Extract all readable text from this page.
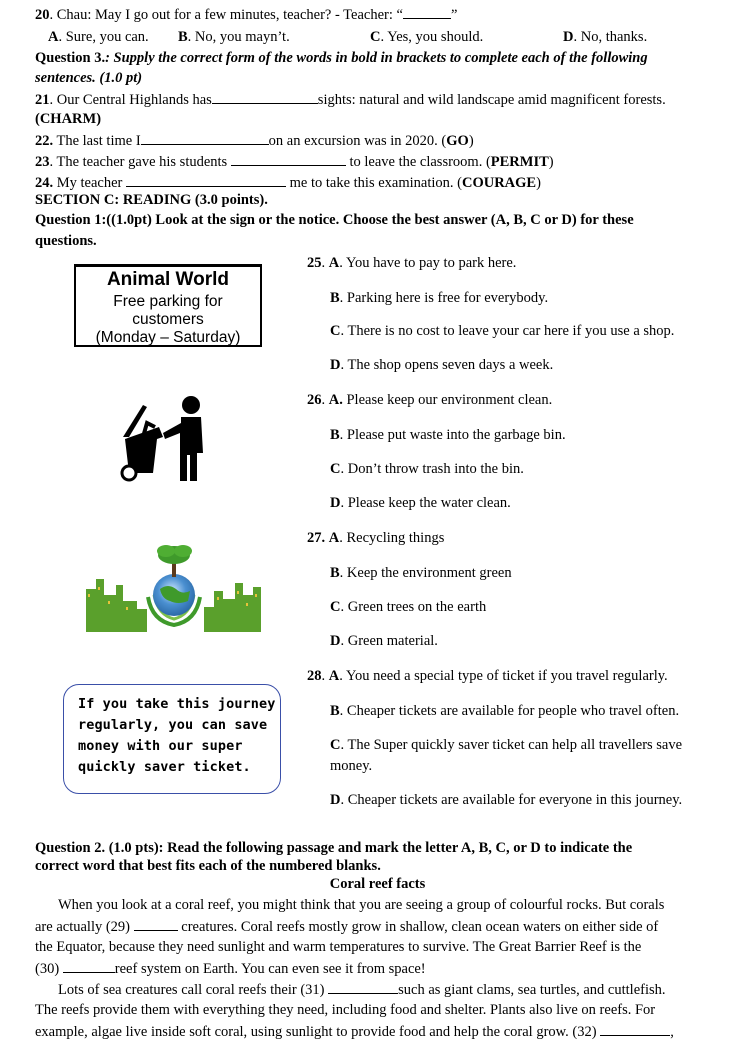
20. Chau: May I go out for a few minutes, teacher? - Teacher: “	”
A. Sure, you can. B. No, you mayn’t.	C. Yes, you should.	D. No, thanks.
Question 3.: Supply the correct form of the words in bold in brackets to complete each of the following
sentences. (1.0 pt)
21. Our Central Highlands has	sights: natural and wild landscape amid magnificent forests.
(CHARM)
22. The last time I	on an excursion was in 2020. (GO)
23. The teacher gave his students	to leave the classroom. (PERMIT)
24. My teacher	me to take this examination. (COURAGE)
SECTION C: READING (3.0 points).
Question 1:((1.0pt) Look at the sign or the notice. Choose the best answer (A, B, C or D) for these
questions.
Animal World
Free parking for customers
(Monday – Saturday)
25. A. You have to pay to park here.
B. Parking here is free for everybody.
C. There is no cost to leave your car here if you use a shop.
D. The shop opens seven days a week.
26. A. Please keep our environment clean.
B. Please put waste into the garbage bin.
C. Don’t throw trash into the bin.
D. Please keep the water clean.
27. A. Recycling things
B. Keep the environment green
C. Green trees on the earth
D. Green material.
If you take this journey
regularly, you can save
money with our super
quickly saver ticket.
28. A. You need a special type of ticket if you travel regularly.
B. Cheaper tickets are available for people who travel often.
C. The Super quickly saver ticket can help all travellers save
money.
D. Cheaper tickets are available for everyone in this journey.
Question 2. (1.0 pts): Read the following passage and mark the letter A, B, C, or D to indicate the
correct word that best fits each of the numbered blanks.
Coral reef facts
When you look at a coral reef, you might think that you are seeing a group of colourful rocks. But corals
are actually (29)	creatures. Coral reefs mostly grow in shallow, clean ocean waters on either side of
the Equator, because they need sunlight and warm temperatures to survive. The Great Barrier Reef is the
(30)	reef system on Earth. You can even see it from space!
Lots of sea creatures call coral reefs their (31)	such as giant clams, sea turtles, and cuttlefish.
The reefs provide them with everything they need, including food and shelter. Plants also live on reefs. For
example, algae live inside soft coral, using sunlight to provide food and help the coral grow. (32)	,
